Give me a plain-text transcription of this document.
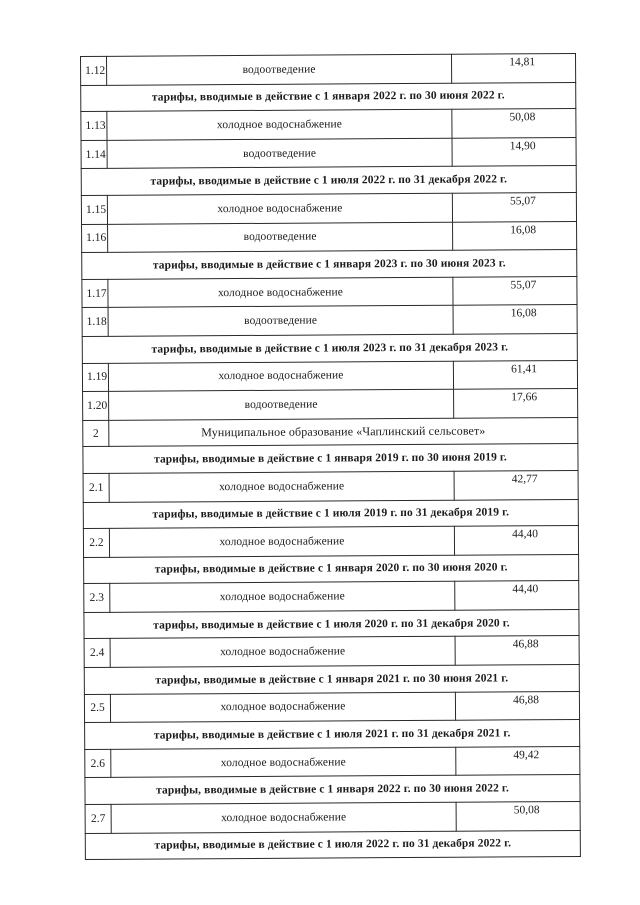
1.12	водоотведение	14,81
тарифы, вводимые в действие с 1 января 2022 г. по 30 июня 2022 г.		
1.13	холодное водоснабжение	50,08
1.14	водоотведение	14,90
тарифы, вводимые в действие с 1 июля 2022 г. по 31 декабря 2022 г.		
1.15	холодное водоснабжение	55,07
1.16	водоотведение	16,08
тарифы, вводимые в действие с 1 января 2023 г. по 30 июня 2023 г.		
1.17	холодное водоснабжение	55,07
1.18	водоотведение	16,08
тарифы, вводимые в действие с 1 июля 2023 г. по 31 декабря 2023 г.		
1.19	холодное водоснабжение	61,41
1.20	водоотведение	17,66
2	Муниципальное образование «Чаплинский сельсовет»	
тарифы, вводимые в действие с 1 января 2019 г. по 30 июня 2019 г.		
2.1	холодное водоснабжение	42,77
тарифы, вводимые в действие с 1 июля 2019 г. по 31 декабря 2019 г.		
2.2	холодное водоснабжение	44,40
тарифы, вводимые в действие с 1 января 2020 г. по 30 июня 2020 г.		
2.3	холодное водоснабжение	44,40
тарифы, вводимые в действие с 1 июля 2020 г. по 31 декабря 2020 г.		
2.4	холодное водоснабжение	46,88
тарифы, вводимые в действие с 1 января 2021 г. по 30 июня 2021 г.		
2.5	холодное водоснабжение	46,88
тарифы, вводимые в действие с 1 июля 2021 г. по 31 декабря 2021 г.		
2.6	холодное водоснабжение	49,42
тарифы, вводимые в действие с 1 января 2022 г. по 30 июня 2022 г.		
2.7	холодное водоснабжение	50,08
тарифы, вводимые в действие с 1 июля 2022 г. по 31 декабря 2022 г.		
